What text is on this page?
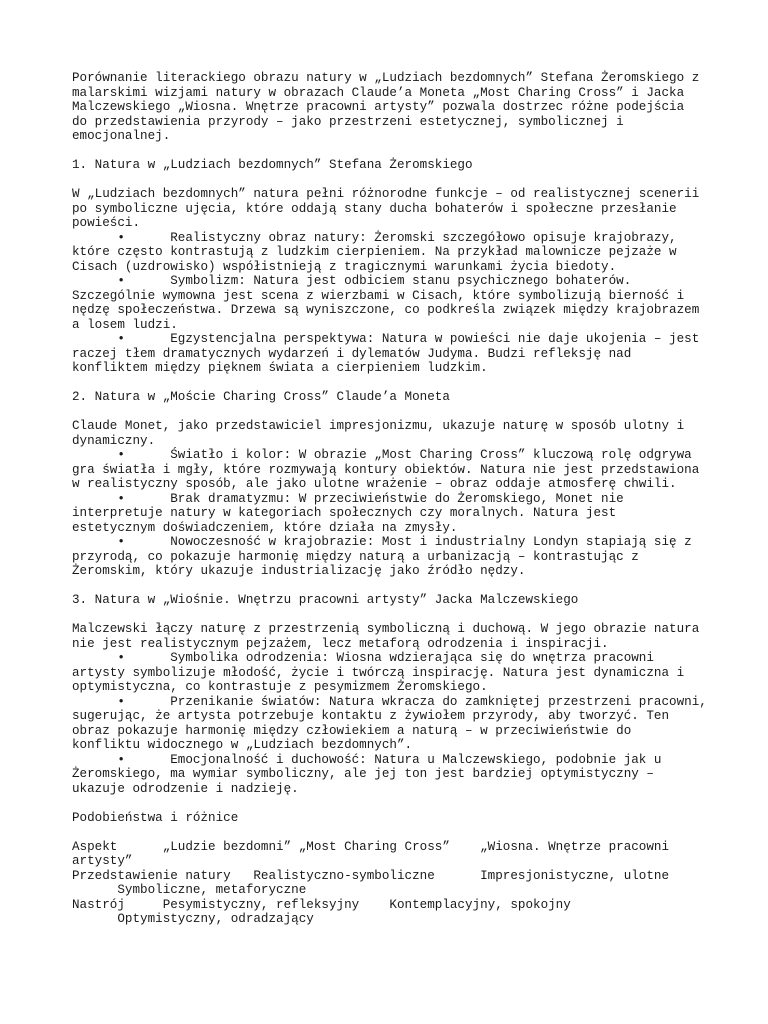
Porównanie literackiego obrazu natury w „Ludziach bezdomnych” Stefana Żeromskiego z
malarskimi wizjami natury w obrazach Claude’a Moneta „Most Charing Cross” i Jacka
Malczewskiego „Wiosna. Wnętrze pracowni artysty” pozwala dostrzec różne podejścia
do przedstawienia przyrody – jako przestrzeni estetycznej, symbolicznej i
emocjonalnej.
1. Natura w „Ludziach bezdomnych” Stefana Żeromskiego
W „Ludziach bezdomnych” natura pełni różnorodne funkcje – od realistycznej scenerii
po symboliczne ujęcia, które oddają stany ducha bohaterów i społeczne przesłanie
powieści.
•      Realistyczny obraz natury: Żeromski szczegółowo opisuje krajobrazy,
które często kontrastują z ludzkim cierpieniem. Na przykład malownicze pejzaże w
Cisach (uzdrowisko) współistnieją z tragicznymi warunkami życia biedoty.
•      Symbolizm: Natura jest odbiciem stanu psychicznego bohaterów.
Szczególnie wymowna jest scena z wierzbami w Cisach, które symbolizują bierność i
nędzę społeczeństwa. Drzewa są wyniszczone, co podkreśla związek między krajobrazem
a losem ludzi.
•      Egzystencjalna perspektywa: Natura w powieści nie daje ukojenia – jest
raczej tłem dramatycznych wydarzeń i dylematów Judyma. Budzi refleksję nad
konfliktem między pięknem świata a cierpieniem ludzkim.
2. Natura w „Moście Charing Cross” Claude’a Moneta
Claude Monet, jako przedstawiciel impresjonizmu, ukazuje naturę w sposób ulotny i
dynamiczny.
•      Światło i kolor: W obrazie „Most Charing Cross” kluczową rolę odgrywa
gra światła i mgły, które rozmywają kontury obiektów. Natura nie jest przedstawiona
w realistyczny sposób, ale jako ulotne wrażenie – obraz oddaje atmosferę chwili.
•      Brak dramatyzmu: W przeciwieństwie do Żeromskiego, Monet nie
interpretuje natury w kategoriach społecznych czy moralnych. Natura jest
estetycznym doświadczeniem, które działa na zmysły.
•      Nowoczesność w krajobrazie: Most i industrialny Londyn stapiają się z
przyrodą, co pokazuje harmonię między naturą a urbanizacją – kontrastując z
Żeromskim, który ukazuje industrializację jako źródło nędzy.
3. Natura w „Wiośnie. Wnętrzu pracowni artysty” Jacka Malczewskiego
Malczewski łączy naturę z przestrzenią symboliczną i duchową. W jego obrazie natura
nie jest realistycznym pejzażem, lecz metaforą odrodzenia i inspiracji.
•      Symbolika odrodzenia: Wiosna wdzierająca się do wnętrza pracowni
artysty symbolizuje młodość, życie i twórczą inspirację. Natura jest dynamiczna i
optymistyczna, co kontrastuje z pesymizmem Żeromskiego.
•      Przenikanie światów: Natura wkracza do zamkniętej przestrzeni pracowni,
sugerując, że artysta potrzebuje kontaktu z żywiołem przyrody, aby tworzyć. Ten
obraz pokazuje harmonię między człowiekiem a naturą – w przeciwieństwie do
konfliktu widocznego w „Ludziach bezdomnych”.
•      Emocjonalność i duchowość: Natura u Malczewskiego, podobnie jak u
Żeromskiego, ma wymiar symboliczny, ale jej ton jest bardziej optymistyczny –
ukazuje odrodzenie i nadzieję.
Podobieństwa i różnice
Aspekt      „Ludzie bezdomni” „Most Charing Cross”    „Wiosna. Wnętrze pracowni
artysty”
Przedstawienie natury   Realistyczno-symboliczne      Impresjonistyczne, ulotne
Symboliczne, metaforyczne
Nastrój     Pesymistyczny, refleksyjny    Kontemplacyjny, spokojny
Optymistyczny, odradzający
